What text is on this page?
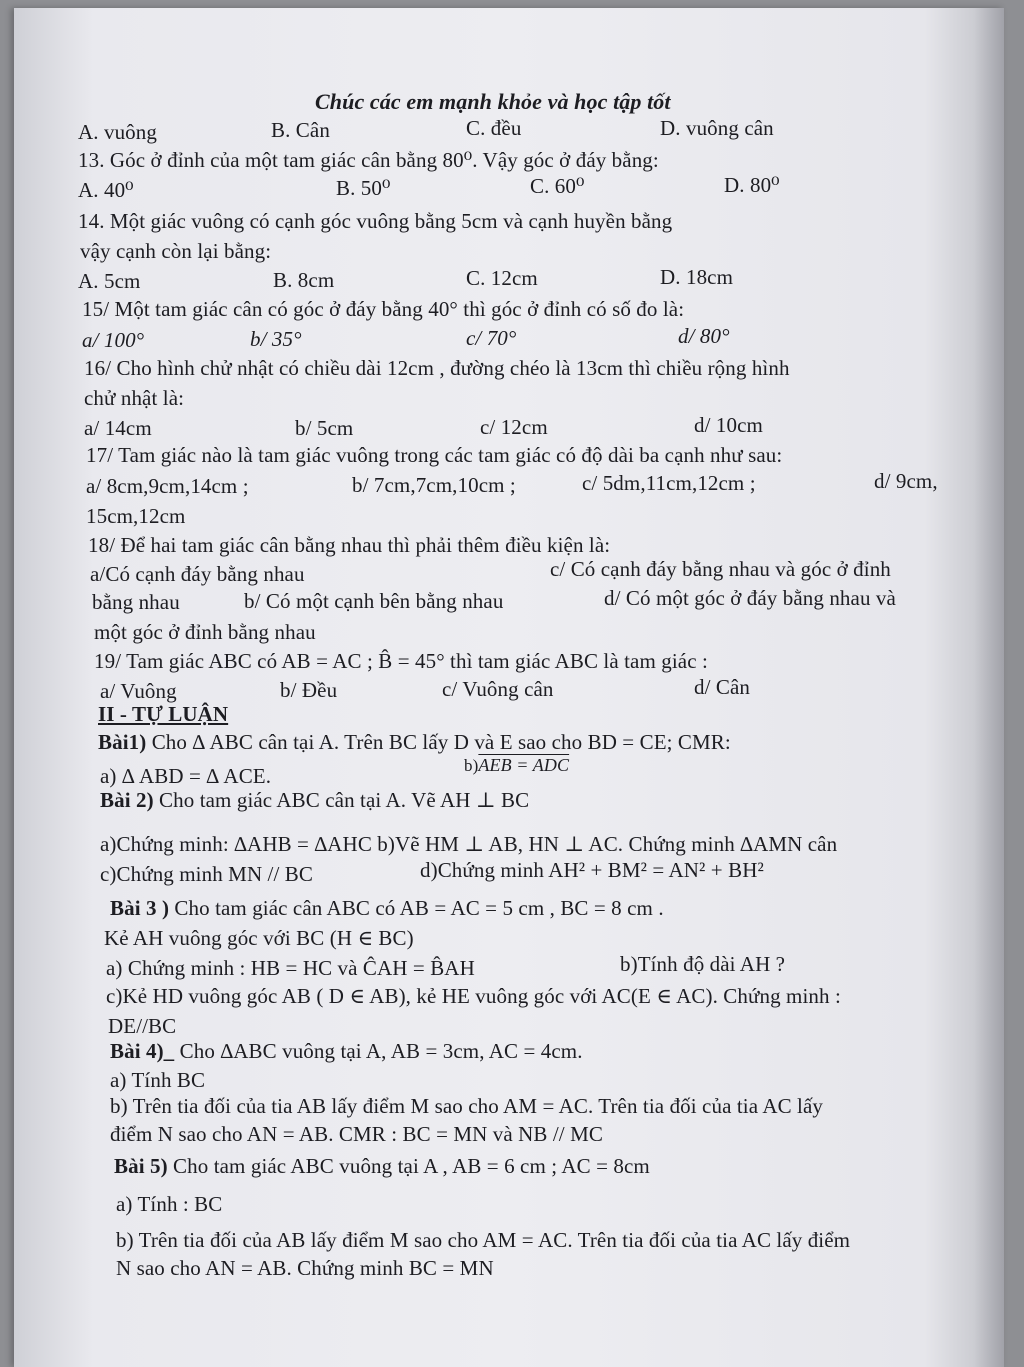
Chúc các em mạnh khỏe và học tập tốt
A. vuông	B. Cân	C. đều	D. vuông cân
13. Góc ở đỉnh của một tam giác cân bằng 80⁰. Vậy góc ở đáy bằng:
A. 40⁰	B. 50⁰	C. 60⁰	D. 80⁰
14. Một giác vuông có cạnh góc vuông bằng 5cm và cạnh huyền bằng
vậy cạnh còn lại bằng:
A. 5cm	B. 8cm	C. 12cm	D. 18cm
15/ Một tam giác cân có góc ở đáy bằng 40° thì góc ở đỉnh có số đo là:
a/ 100°	b/ 35°	c/ 70°	d/ 80°
16/ Cho hình chử nhật có chiều dài 12cm , đường chéo là 13cm thì chiều rộng hình
chử nhật là:
a/ 14cm	b/ 5cm	c/ 12cm	d/ 10cm
17/ Tam giác nào là tam giác vuông trong các tam giác có độ dài ba cạnh như sau:
a/ 8cm,9cm,14cm ;	b/ 7cm,7cm,10cm ;	c/ 5dm,11cm,12cm ;	d/ 9cm,
15cm,12cm
18/ Để hai tam giác cân bằng nhau thì phải thêm điều kiện là:
a/Có cạnh đáy bằng nhau	c/ Có cạnh đáy bằng nhau và góc ở đỉnh
bằng nhau	b/ Có một cạnh bên bằng nhau	d/ Có một góc ở đáy bằng nhau và
một góc ở đỉnh bằng nhau
19/ Tam giác ABC có AB = AC ; B̂ = 45° thì tam giác ABC là tam giác :
a/ Vuông	b/ Đều	c/ Vuông cân	d/ Cân
II - TỰ LUẬN
Bài1) Cho ∆ ABC cân tại A. Trên BC lấy D và E sao cho BD = CE; CMR:
a) ∆ ABD = ∆ ACE.	b)AEB = ADC
Bài 2) Cho tam giác ABC cân tại A. Vẽ AH ⊥ BC
a)Chứng minh: ∆AHB = ∆AHC b)Vẽ HM ⊥ AB, HN ⊥ AC. Chứng minh ∆AMN cân
c)Chứng minh MN // BC	d)Chứng minh AH² + BM² = AN² + BH²
Bài 3 ) Cho tam giác cân ABC có AB = AC = 5 cm , BC = 8 cm .
Kẻ AH vuông góc với BC (H ∈ BC)
a) Chứng minh : HB = HC và ĈAH = B̂AH	b)Tính độ dài AH ?
c)Kẻ HD vuông góc AB ( D ∈ AB), kẻ HE vuông góc với AC(E ∈ AC). Chứng minh :
DE//BC
Bài 4)_ Cho ∆ABC vuông tại A, AB = 3cm, AC = 4cm.
a) Tính BC
b) Trên tia đối của tia AB lấy điểm M sao cho AM = AC. Trên tia đối của tia AC lấy
điểm N sao cho AN = AB. CMR : BC = MN và NB // MC
Bài 5) Cho tam giác ABC vuông tại A , AB = 6 cm ; AC = 8cm
a) Tính : BC
b) Trên tia đối của AB lấy điểm M sao cho AM = AC. Trên tia đối của tia AC lấy điểm
N sao cho AN = AB. Chứng minh BC = MN
